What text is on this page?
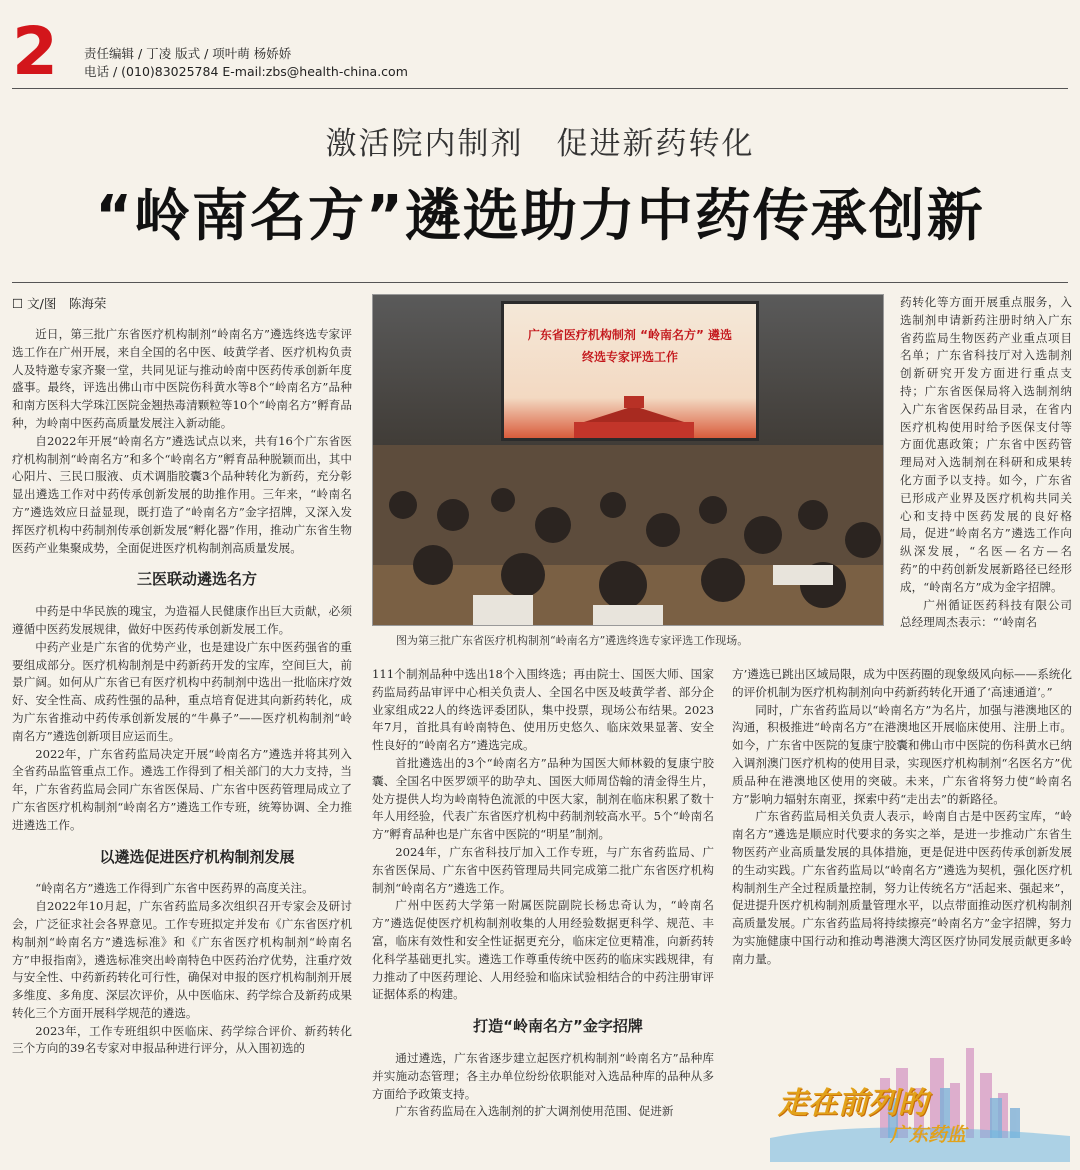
2 责任编辑 / 丁凌 版式 / 项叶萌 杨娇娇
电话 / (010)83025784 E-mail:zbs@health-china.com
激活院内制剂　促进新药转化
“岭南名方”遴选助力中药传承创新
☐ 文/图　陈海荣

近日，第三批广东省医疗机构制剂“岭南名方”遴选终选专家评选工作在广州开展，来自全国的名中医、岐黄学者、医疗机构负责人及特邀专家齐聚一堂，共同见证与推动岭南中医药传承创新年度盛事。最终，评选出佛山市中医院伤科黄水等8个“岭南名方”品种和南方医科大学珠江医院金翘热毒清颗粒等10个“岭南名方”孵育品种，为岭南中医药高质量发展注入新动能。

自2022年开展“岭南名方”遴选试点以来，共有16个广东省医疗机构制剂“岭南名方”和多个“岭南名方”孵育品种脱颖而出，其中心阳片、三民口服液、贞术调脂胶囊3个品种转化为新药，充分彰显出遴选工作对中药传承创新发展的助推作用。三年来，“岭南名方”遴选效应日益显现，既打造了“岭南名方”金字招牌，又深入发挥医疗机构中药制剂传承创新发展“孵化器”作用，推动广东省生物医药产业集聚成势，全面促进医疗机构制剂高质量发展。

三医联动遴选名方

中药是中华民族的瑰宝，为造福人民健康作出巨大贡献，必须遵循中医药发展规律，做好中医药传承创新发展工作。

中药产业是广东省的优势产业，也是建设广东中医药强省的重要组成部分。医疗机构制剂是中药新药开发的宝库，空间巨大，前景广阔。如何从广东省已有医疗机构中药制剂中选出一批临床疗效好、安全性高、成药性强的品种，重点培育促进其向新药转化，成为广东省推动中药传承创新发展的“牛鼻子”——医疗机构制剂“岭南名方”遴选创新项目应运而生。

2022年，广东省药监局决定开展“岭南名方”遴选并将其列入全省药品监管重点工作。遴选工作得到了相关部门的大力支持，当年，广东省药监局会同广东省医保局、广东省中医药管理局成立了广东省医疗机构制剂“岭南名方”遴选工作专班，统筹协调、全力推进遴选工作。

以遴选促进医疗机构制剂发展

“岭南名方”遴选工作得到广东省中医药界的高度关注。

自2022年10月起，广东省药监局多次组织召开专家会及研讨会，广泛征求社会各界意见。工作专班拟定并发布《广东省医疗机构制剂“岭南名方”遴选标准》和《广东省医疗机构制剂“岭南名方”申报指南》，遴选标准突出岭南特色中医药治疗优势，注重疗效与安全性、中药新药转化可行性，确保对申报的医疗机构制剂开展多维度、多角度、深层次评价，从中医临床、药学综合及新药成果转化三个方面开展科学规范的遴选。

2023年，工作专班组织中医临床、药学综合评价、新药转化三个方向的39名专家对申报品种进行评分，从入围初选的

广东省医疗机构制剂 “岭南名方” 遴选
终选专家评选工作
图为第三批广东省医疗机构制剂“岭南名方”遴选终选专家评选工作现场。

111个制剂品种中选出18个入围终选；再由院士、国医大师、国家药监局药品审评中心相关负责人、全国名中医及岐黄学者、部分企业家组成22人的终选评委团队，集中投票，现场公布结果。2023年7月，首批具有岭南特色、使用历史悠久、临床效果显著、安全性良好的“岭南名方”遴选完成。

首批遴选出的3个“岭南名方”品种为国医大师林毅的复康宁胶囊、全国名中医罗颂平的助孕丸、国医大师周岱翰的清金得生片，处方提供人均为岭南特色流派的中医大家，制剂在临床积累了数十年人用经验，代表广东省医疗机构中药制剂较高水平。5个“岭南名方”孵育品种也是广东省中医院的“明星”制剂。

2024年，广东省科技厅加入工作专班，与广东省药监局、广东省医保局、广东省中医药管理局共同完成第二批广东省医疗机构制剂“岭南名方”遴选工作。

广州中医药大学第一附属医院副院长杨忠奇认为，“岭南名方”遴选促使医疗机构制剂收集的人用经验数据更科学、规范、丰富，临床有效性和安全性证据更充分，临床定位更精准，向新药转化科学基础更扎实。遴选工作尊重传统中医药的临床实践规律，有力推动了中医药理论、人用经验和临床试验相结合的中药注册审评证据体系的构建。

打造“岭南名方”金字招牌

通过遴选，广东省逐步建立起医疗机构制剂“岭南名方”品种库并实施动态管理；各主办单位纷纷依职能对入选品种库的品种从多方面给予政策支持。

广东省药监局在入选制剂的扩大调剂使用范围、促进新

药转化等方面开展重点服务，入选制剂申请新药注册时纳入广东省药监局生物医药产业重点项目名单；广东省科技厅对入选制剂创新研究开发方面进行重点支持；广东省医保局将入选制剂纳入广东省医保药品目录，在省内医疗机构使用时给予医保支付等方面优惠政策；广东省中医药管理局对入选制剂在科研和成果转化方面予以支持。如今，广东省已形成产业界及医疗机构共同关心和支持中医药发展的良好格局，促进“岭南名方”遴选工作向纵深发展，“名医—名方—名药”的中药创新发展新路径已经形成，“岭南名方”成为金字招牌。

广州循证医药科技有限公司总经理周杰表示：“‘岭南名

方’遴选已跳出区域局限，成为中医药圈的现象级风向标——系统化的评价机制为医疗机构制剂向中药新药转化开通了‘高速通道’。”

同时，广东省药监局以“岭南名方”为名片，加强与港澳地区的沟通，积极推进“岭南名方”在港澳地区开展临床使用、注册上市。如今，广东省中医院的复康宁胶囊和佛山市中医院的伤科黄水已纳入调剂澳门医疗机构的使用目录，实现医疗机构制剂“名医名方”优质品种在港澳地区使用的突破。未来，广东省将努力使“岭南名方”影响力辐射东南亚，探索中药“走出去”的新路径。

广东省药监局相关负责人表示，岭南自古是中医药宝库，“岭南名方”遴选是顺应时代要求的务实之举，是进一步推动广东省生物医药产业高质量发展的具体措施，更是促进中医药传承创新发展的生动实践。广东省药监局以“岭南名方”遴选为契机，强化医疗机构制剂生产全过程质量控制，努力让传统名方“活起来、强起来”，促进提升医疗机构制剂质量管理水平，以点带面推动医疗机构制剂高质量发展。广东省药监局将持续擦亮“岭南名方”金字招牌，努力为实施健康中国行动和推动粤港澳大湾区医疗协同发展贡献更多岭南力量。

走在前列的
广东药监
